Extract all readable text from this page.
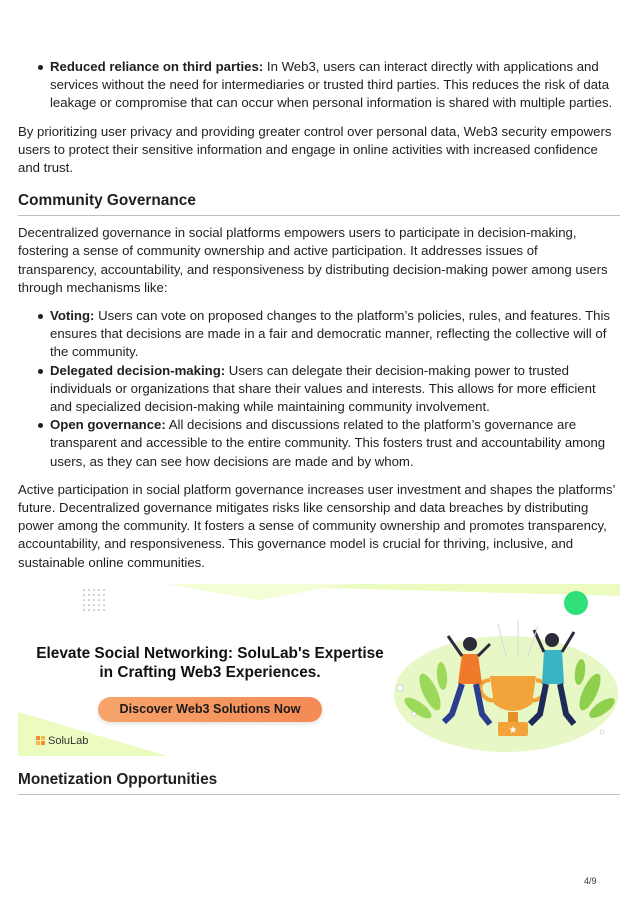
Reduced reliance on third parties: In Web3, users can interact directly with applications and services without the need for intermediaries or trusted third parties. This reduces the risk of data leakage or compromise that can occur when personal information is shared with multiple parties.

By prioritizing user privacy and providing greater control over personal data, Web3 security empowers users to protect their sensitive information and engage in online activities with increased confidence and trust.

Community Governance

Decentralized governance in social platforms empowers users to participate in decision-making, fostering a sense of community ownership and active participation. It addresses issues of transparency, accountability, and responsiveness by distributing decision-making power among users through mechanisms like:

Voting: Users can vote on proposed changes to the platform’s policies, rules, and features. This ensures that decisions are made in a fair and democratic manner, reflecting the collective will of the community.
Delegated decision-making: Users can delegate their decision-making power to trusted individuals or organizations that share their values and interests. This allows for more efficient and specialized decision-making while maintaining community involvement.
Open governance: All decisions and discussions related to the platform’s governance are transparent and accessible to the entire community. This fosters trust and accountability among users, as they can see how decisions are made and by whom.

Active participation in social platform governance increases user investment and shapes the platforms’ future. Decentralized governance mitigates risks like censorship and data breaches by distributing power among the community. It fosters a sense of community ownership and promotes transparency, accountability, and responsiveness. This governance model is crucial for thriving, inclusive, and sustainable online communities.

Elevate Social Networking: SoluLab's Expertise
in Crafting Web3 Experiences.
Discover Web3 Solutions Now
SoluLab
★
Monetization Opportunities
4/9
